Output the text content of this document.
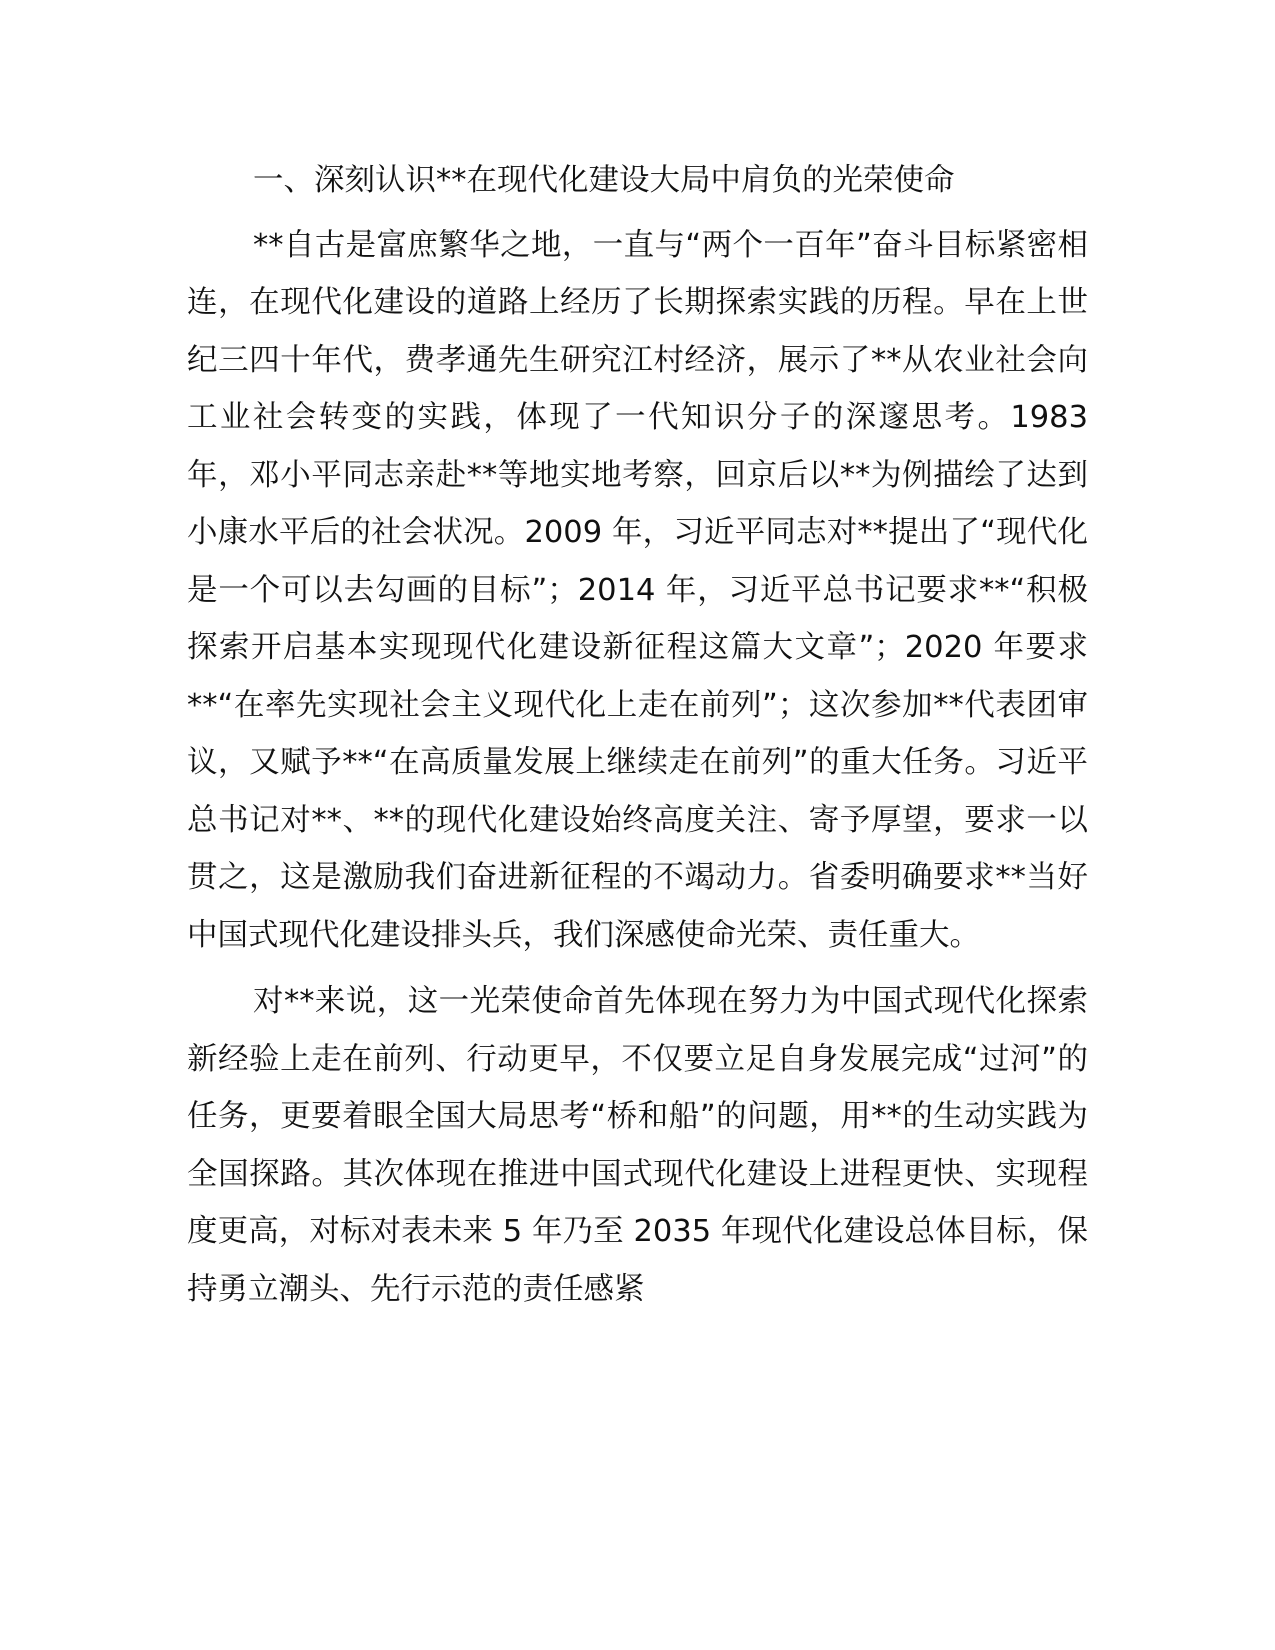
一、深刻认识**在现代化建设大局中肩负的光荣使命

**自古是富庶繁华之地，一直与“两个一百年”奋斗目标紧密相连，在现代化建设的道路上经历了长期探索实践的历程。早在上世纪三四十年代，费孝通先生研究江村经济，展示了**从农业社会向工业社会转变的实践，体现了一代知识分子的深邃思考。1983 年，邓小平同志亲赴**等地实地考察，回京后以**为例描绘了达到小康水平后的社会状况。2009 年，习近平同志对**提出了“现代化是一个可以去勾画的目标”；2014 年，习近平总书记要求**“积极探索开启基本实现现代化建设新征程这篇大文章”；2020 年要求**“在率先实现社会主义现代化上走在前列”；这次参加**代表团审议，又赋予**“在高质量发展上继续走在前列”的重大任务。习近平总书记对**、**的现代化建设始终高度关注、寄予厚望，要求一以贯之，这是激励我们奋进新征程的不竭动力。省委明确要求**当好中国式现代化建设排头兵，我们深感使命光荣、责任重大。

对**来说，这一光荣使命首先体现在努力为中国式现代化探索新经验上走在前列、行动更早，不仅要立足自身发展完成“过河”的任务，更要着眼全国大局思考“桥和船”的问题，用**的生动实践为全国探路。其次体现在推进中国式现代化建设上进程更快、实现程度更高，对标对表未来 5 年乃至 2035 年现代化建设总体目标，保持勇立潮头、先行示范的责任感紧
